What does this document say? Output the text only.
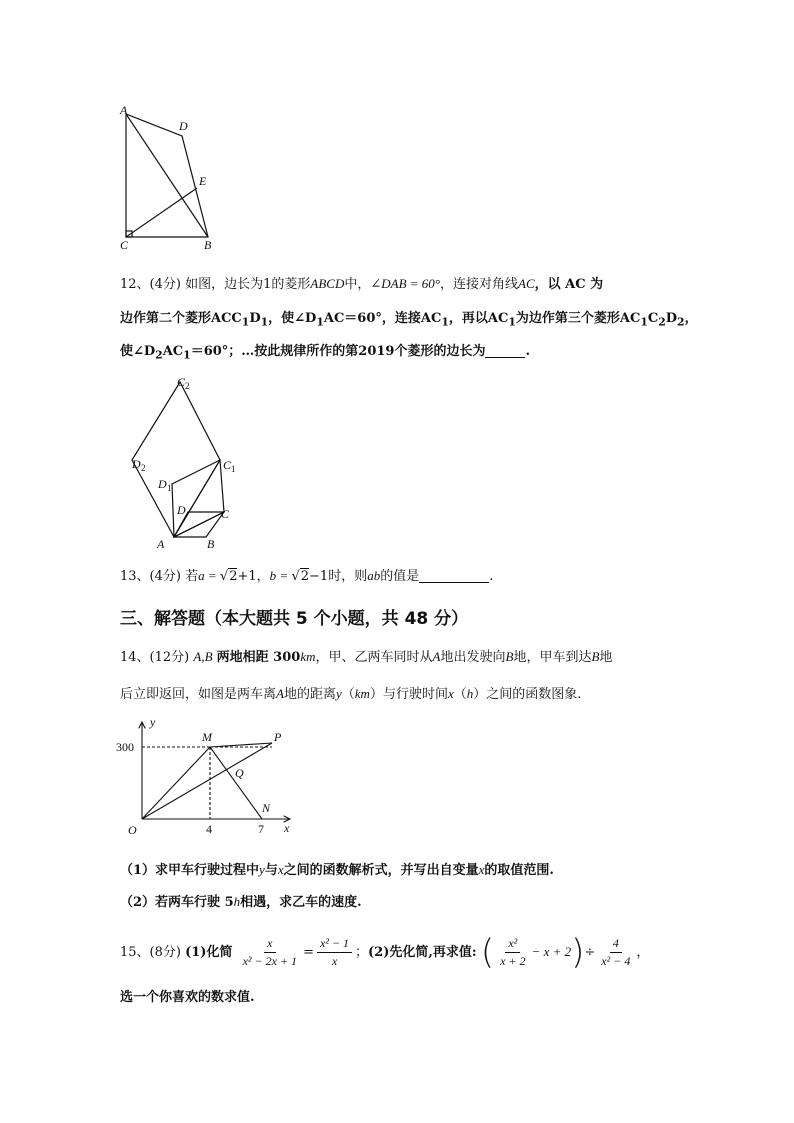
A
D
E
C	B
12、(4分) 如图，边长为1的菱形ABCD中，∠DAB = 60°，连接对角线AC，以 AC 为
边作第二个菱形$ACC_1D_1$，使$\angle D_1AC=60^\circ$，连接$AC_1$，再以$AC_1$为边作第三个菱形$AC_1C_2D_2$，
使$\angle D_2AC_1=60^\circ$；…按此规律所作的第2019个菱形的边长为	.
C 2
D 2	C 1
D 1
D	C
A	B
13、(4分) 若a = √2+1，b = √2−1时，则ab的值是	.
三、解答题（本大题共 5 个小题，共 48 分）
14、(12分) A,B 两地相距 300km，甲、乙两车同时从A地出发驶向B地，甲车到达B地
后立即返回，如图是两车离A地的距离y（km）与行驶时间x（h）之间的函数图象.
y
x
O
M	P
Q
N
300
4	7
（1）求甲车行驶过程中y与x之间的函数解析式，并写出自变量x的取值范围.
（2）若两车行驶 5h相遇，求乙车的速度.
15、(8分) (1)化简 $\frac{x}{\text{x² − 2x + 1}} = \frac{\text{x² − 1}}{x}$ ；(2)先化简,再求值: ( $\frac{\text{x²}}{x + 2} - x + 2)\div \frac{4}{\text{x² − 4}}$ ，
选一个你喜欢的数求值.
